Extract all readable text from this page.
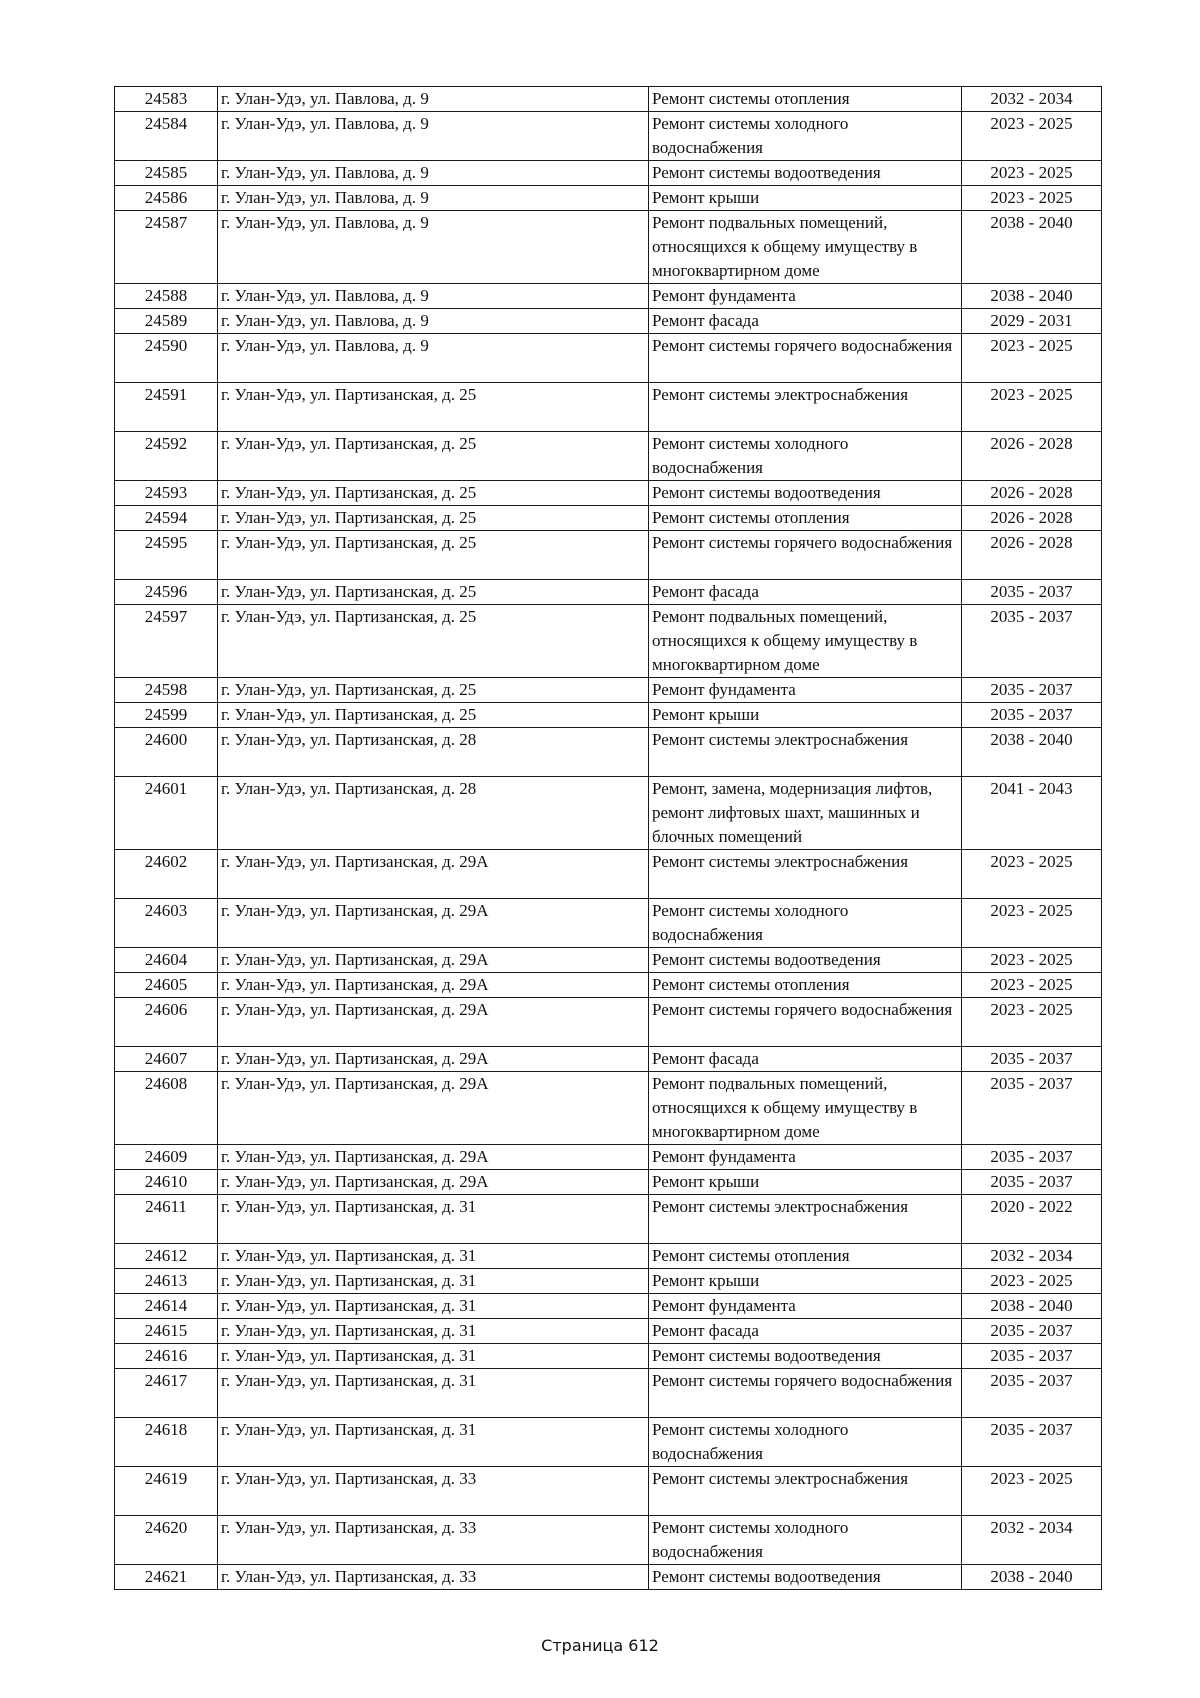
24583	г. Улан-Удэ, ул. Павлова, д. 9	Ремонт системы отопления	2032 - 2034
24584	г. Улан-Удэ, ул. Павлова, д. 9	Ремонт системы холодного водоснабжения	2023 - 2025
24585	г. Улан-Удэ, ул. Павлова, д. 9	Ремонт системы водоотведения	2023 - 2025
24586	г. Улан-Удэ, ул. Павлова, д. 9	Ремонт крыши	2023 - 2025
24587	г. Улан-Удэ, ул. Павлова, д. 9	Ремонт подвальных помещений, относящихся к общему имуществу в многоквартирном доме	2038 - 2040
24588	г. Улан-Удэ, ул. Павлова, д. 9	Ремонт фундамента	2038 - 2040
24589	г. Улан-Удэ, ул. Павлова, д. 9	Ремонт фасада	2029 - 2031
24590	г. Улан-Удэ, ул. Павлова, д. 9	Ремонт системы горячего водоснабжения	2023 - 2025
24591	г. Улан-Удэ, ул. Партизанская, д. 25	Ремонт системы электроснабжения	2023 - 2025
24592	г. Улан-Удэ, ул. Партизанская, д. 25	Ремонт системы холодного водоснабжения	2026 - 2028
24593	г. Улан-Удэ, ул. Партизанская, д. 25	Ремонт системы водоотведения	2026 - 2028
24594	г. Улан-Удэ, ул. Партизанская, д. 25	Ремонт системы отопления	2026 - 2028
24595	г. Улан-Удэ, ул. Партизанская, д. 25	Ремонт системы горячего водоснабжения	2026 - 2028
24596	г. Улан-Удэ, ул. Партизанская, д. 25	Ремонт фасада	2035 - 2037
24597	г. Улан-Удэ, ул. Партизанская, д. 25	Ремонт подвальных помещений, относящихся к общему имуществу в многоквартирном доме	2035 - 2037
24598	г. Улан-Удэ, ул. Партизанская, д. 25	Ремонт фундамента	2035 - 2037
24599	г. Улан-Удэ, ул. Партизанская, д. 25	Ремонт крыши	2035 - 2037
24600	г. Улан-Удэ, ул. Партизанская, д. 28	Ремонт системы электроснабжения	2038 - 2040
24601	г. Улан-Удэ, ул. Партизанская, д. 28	Ремонт, замена, модернизация лифтов, ремонт лифтовых шахт, машинных и блочных помещений	2041 - 2043
24602	г. Улан-Удэ, ул. Партизанская, д. 29А	Ремонт системы электроснабжения	2023 - 2025
24603	г. Улан-Удэ, ул. Партизанская, д. 29А	Ремонт системы холодного водоснабжения	2023 - 2025
24604	г. Улан-Удэ, ул. Партизанская, д. 29А	Ремонт системы водоотведения	2023 - 2025
24605	г. Улан-Удэ, ул. Партизанская, д. 29А	Ремонт системы отопления	2023 - 2025
24606	г. Улан-Удэ, ул. Партизанская, д. 29А	Ремонт системы горячего водоснабжения	2023 - 2025
24607	г. Улан-Удэ, ул. Партизанская, д. 29А	Ремонт фасада	2035 - 2037
24608	г. Улан-Удэ, ул. Партизанская, д. 29А	Ремонт подвальных помещений, относящихся к общему имуществу в многоквартирном доме	2035 - 2037
24609	г. Улан-Удэ, ул. Партизанская, д. 29А	Ремонт фундамента	2035 - 2037
24610	г. Улан-Удэ, ул. Партизанская, д. 29А	Ремонт крыши	2035 - 2037
24611	г. Улан-Удэ, ул. Партизанская, д. 31	Ремонт системы электроснабжения	2020 - 2022
24612	г. Улан-Удэ, ул. Партизанская, д. 31	Ремонт системы отопления	2032 - 2034
24613	г. Улан-Удэ, ул. Партизанская, д. 31	Ремонт крыши	2023 - 2025
24614	г. Улан-Удэ, ул. Партизанская, д. 31	Ремонт фундамента	2038 - 2040
24615	г. Улан-Удэ, ул. Партизанская, д. 31	Ремонт фасада	2035 - 2037
24616	г. Улан-Удэ, ул. Партизанская, д. 31	Ремонт системы водоотведения	2035 - 2037
24617	г. Улан-Удэ, ул. Партизанская, д. 31	Ремонт системы горячего водоснабжения	2035 - 2037
24618	г. Улан-Удэ, ул. Партизанская, д. 31	Ремонт системы холодного водоснабжения	2035 - 2037
24619	г. Улан-Удэ, ул. Партизанская, д. 33	Ремонт системы электроснабжения	2023 - 2025
24620	г. Улан-Удэ, ул. Партизанская, д. 33	Ремонт системы холодного водоснабжения	2032 - 2034
24621	г. Улан-Удэ, ул. Партизанская, д. 33	Ремонт системы водоотведения	2038 - 2040
Страница 612
